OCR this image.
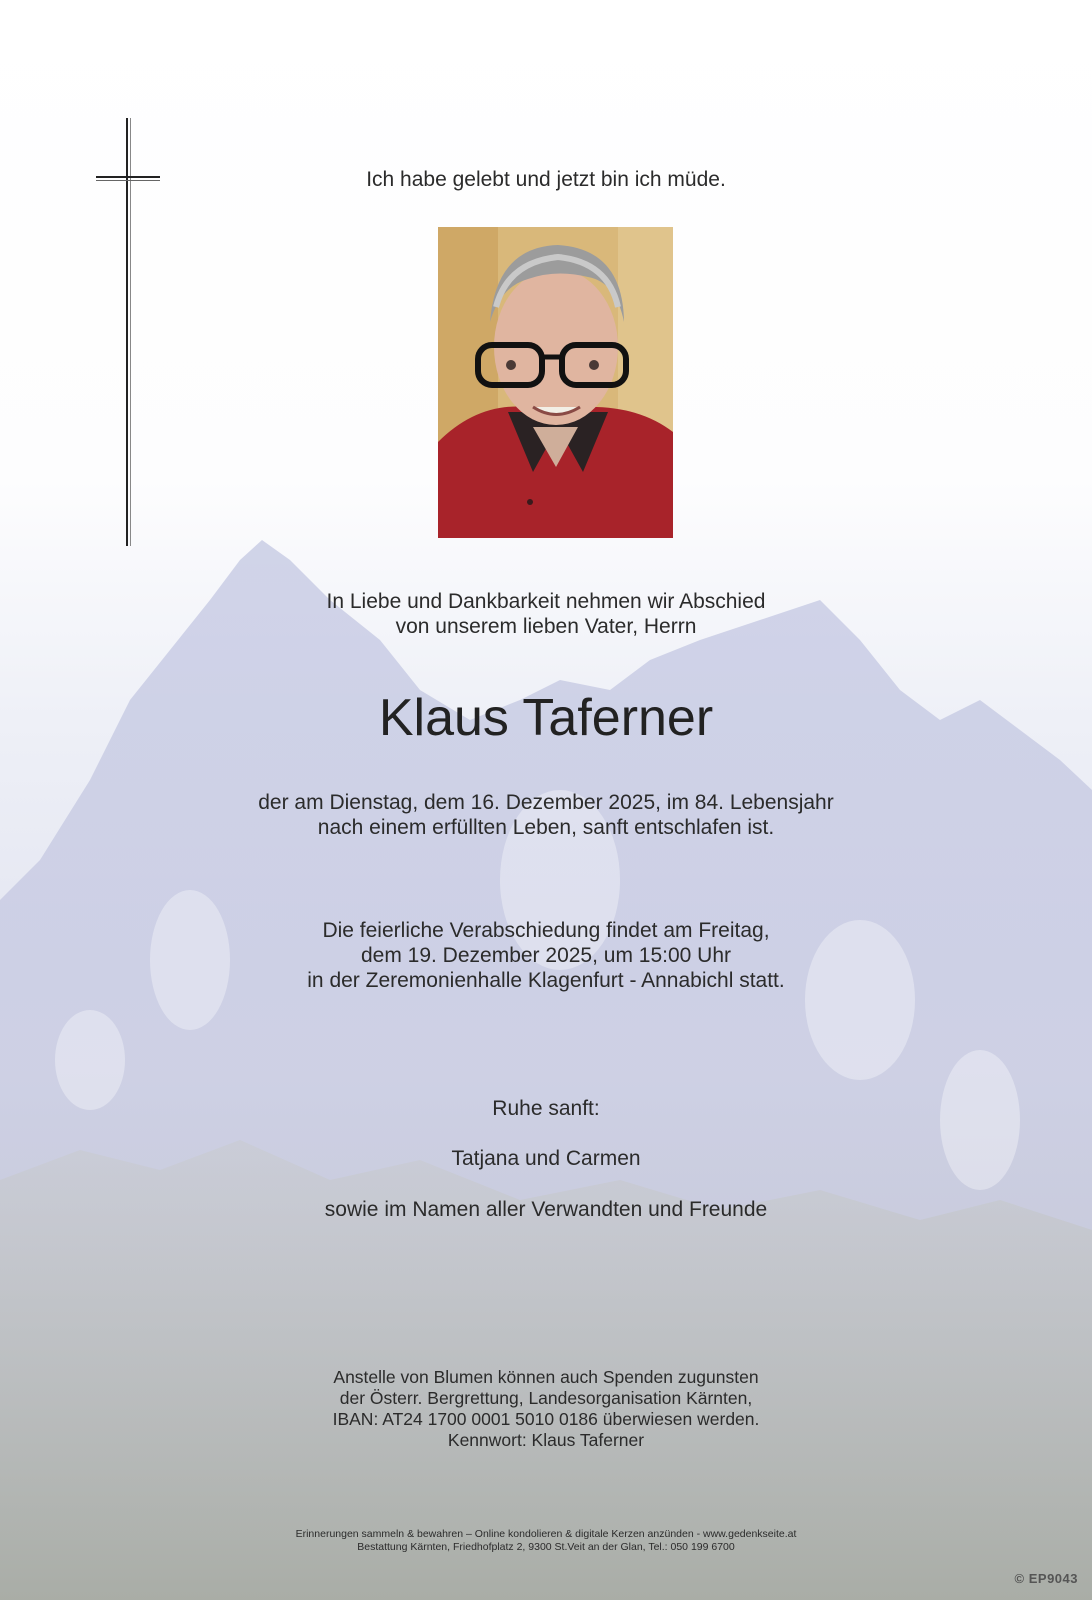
Ich habe gelebt und jetzt bin ich müde.
In Liebe und Dankbarkeit nehmen wir Abschied
von unserem lieben Vater, Herrn
Klaus Taferner
der am Dienstag, dem 16. Dezember 2025, im 84. Lebensjahr
nach einem erfüllten Leben, sanft entschlafen ist.
Die feierliche Verabschiedung findet am Freitag,
dem 19. Dezember 2025, um 15:00 Uhr
in der Zeremonienhalle Klagenfurt - Annabichl statt.
Ruhe sanft:
Tatjana und Carmen
sowie im Namen aller Verwandten und Freunde
Anstelle von Blumen können auch Spenden zugunsten
der Österr. Bergrettung, Landesorganisation Kärnten,
IBAN: AT24 1700 0001 5010 0186 überwiesen werden.
Kennwort: Klaus Taferner
Erinnerungen sammeln & bewahren – Online kondolieren & digitale Kerzen anzünden - www.gedenkseite.at
Bestattung Kärnten, Friedhofplatz 2, 9300 St.Veit an der Glan, Tel.: 050 199 6700
© EP9043
